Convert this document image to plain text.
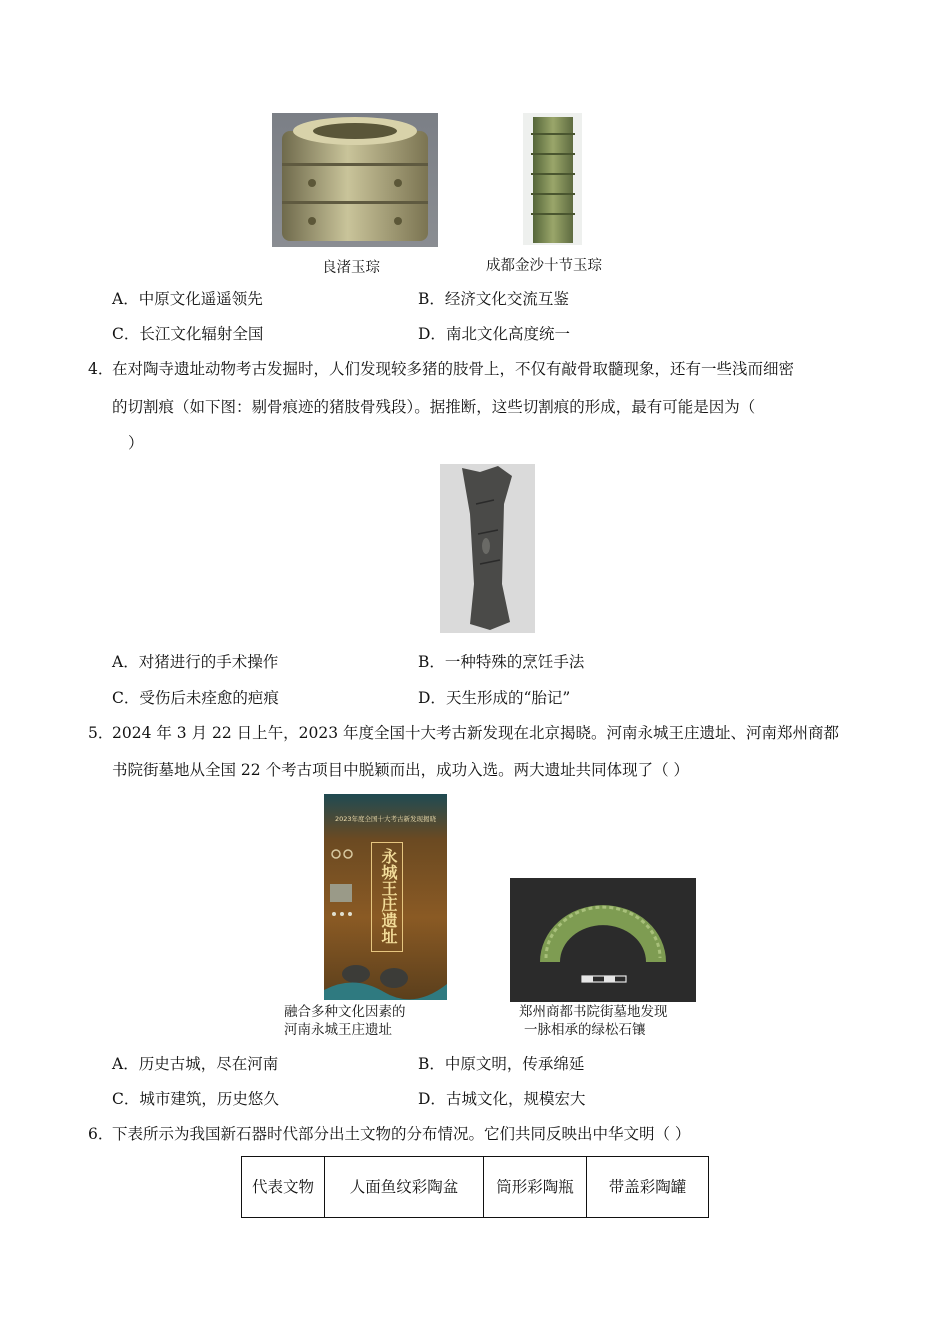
良渚玉琮	成都金沙十节玉琮
A．中原文化遥遥领先	B．经济文化交流互鉴
C．长江文化辐射全国	D．南北文化高度统一
4．
在对陶寺遗址动物考古发掘时，人们发现较多猪的肢骨上，不仅有敲骨取髓现象，还有一些浅而细密
的切割痕（如下图：剔骨痕迹的猪肢骨残段）。据推断，这些切割痕的形成，最有可能是因为（
）
A．对猪进行的手术操作	B．一种特殊的烹饪手法
C．受伤后未痊愈的疤痕	D．天生形成的“胎记”
5．
2024 年 3 月 22 日上午，2023 年度全国十大考古新发现在北京揭晓。河南永城王庄遗址、河南郑州商都
书院街墓地从全国 22 个考古项目中脱颖而出，成功入选。两大遗址共同体现了（ ）
2023年度全国十大考古新发现揭晓
永城王庄遗址
融合多种文化因素的
河南永城王庄遗址
郑州商都书院街墓地发现
一脉相承的绿松石镶
A．历史古城，尽在河南	B．中原文明，传承绵延
C．城市建筑，历史悠久	D．古城文化，规模宏大
6．
下表所示为我国新石器时代部分出土文物的分布情况。它们共同反映出中华文明（ ）
代表文物	人面鱼纹彩陶盆	筒形彩陶瓶	带盖彩陶罐
